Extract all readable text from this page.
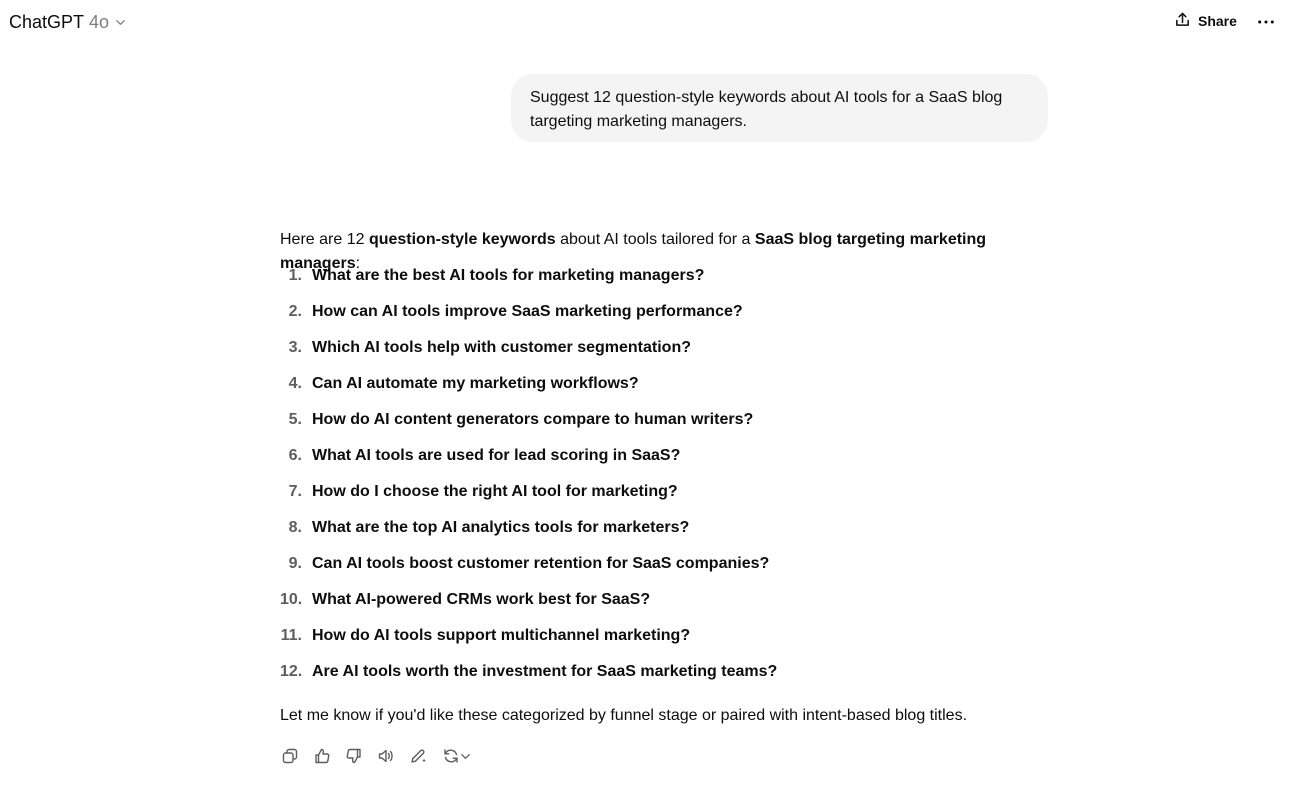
ChatGPT 4o	Share
Suggest 12 question-style keywords about AI tools for a SaaS blog targeting marketing managers.

Here are 12 question-style keywords about AI tools tailored for a SaaS blog targeting marketing managers:

1. What are the best AI tools for marketing managers?
2. How can AI tools improve SaaS marketing performance?
3. Which AI tools help with customer segmentation?
4. Can AI automate my marketing workflows?
5. How do AI content generators compare to human writers?
6. What AI tools are used for lead scoring in SaaS?
7. How do I choose the right AI tool for marketing?
8. What are the top AI analytics tools for marketers?
9. Can AI tools boost customer retention for SaaS companies?
10. What AI-powered CRMs work best for SaaS?
11. How do AI tools support multichannel marketing?
12. Are AI tools worth the investment for SaaS marketing teams?

Let me know if you'd like these categorized by funnel stage or paired with intent-based blog titles.
